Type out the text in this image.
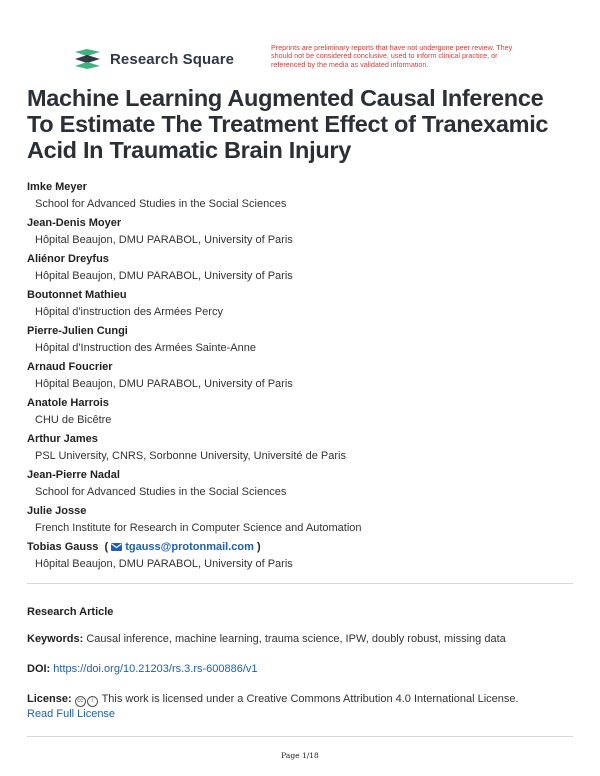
Research Square
Preprints are preliminary reports that have not undergone peer review. They should not be considered conclusive, used to inform clinical practice, or referenced by the media as validated information.
Machine Learning Augmented Causal Inference To Estimate The Treatment Effect of Tranexamic Acid In Traumatic Brain Injury
Imke Meyer
School for Advanced Studies in the Social Sciences
Jean-Denis Moyer
Hôpital Beaujon, DMU PARABOL, University of Paris
Aliénor Dreyfus
Hôpital Beaujon, DMU PARABOL, University of Paris
Boutonnet Mathieu
Hôpital d'instruction des Armées Percy
Pierre-Julien Cungi
Hôpital d'Instruction des Armées Sainte-Anne
Arnaud Foucrier
Hôpital Beaujon, DMU PARABOL, University of Paris
Anatole Harrois
CHU de Bicêtre
Arthur James
PSL University, CNRS, Sorbonne University, Université de Paris
Jean-Pierre Nadal
School for Advanced Studies in the Social Sciences
Julie Josse
French Institute for Research in Computer Science and Automation
Tobias Gauss
(
	tgauss@protonmail.com
)
Hôpital Beaujon, DMU PARABOL, University of Paris
Research Article
Keywords: Causal inference, machine learning, trauma science, IPW, doubly robust, missing data
DOI: https://doi.org/10.21203/rs.3.rs-600886/v1
License: cc i This work is licensed under a Creative Commons Attribution 4.0 International License.
Read Full License
Page 1/18
